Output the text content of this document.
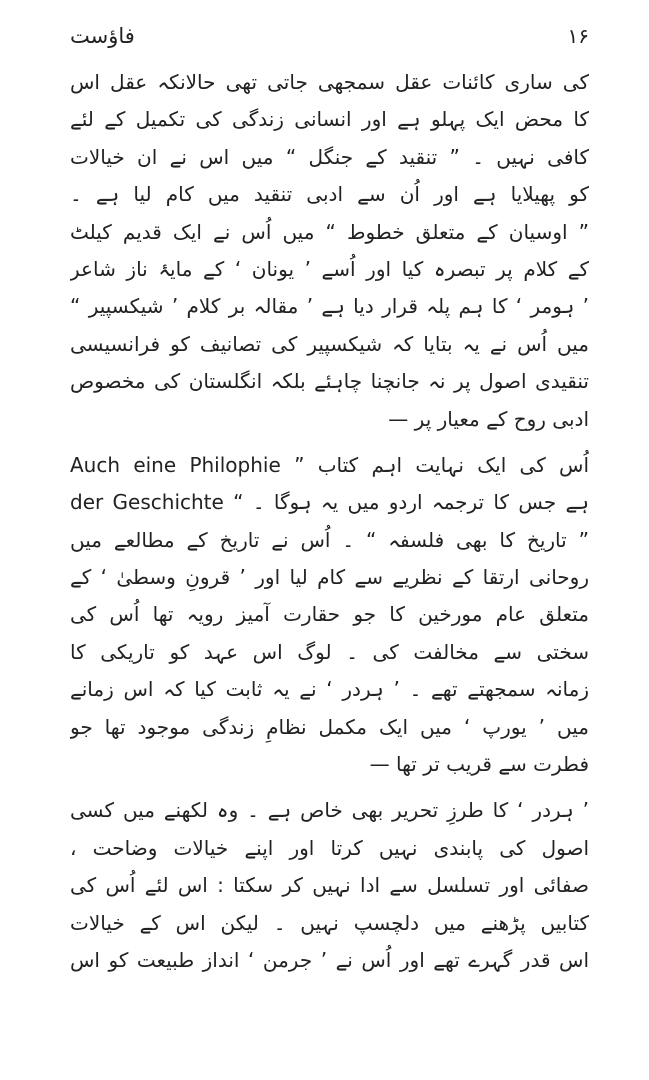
فاؤست	۱۶
کی ساری کائنات عقل سمجھی جاتی تھی حالانکہ عقل اس
کا محض ایک پہلو ہے اور انسانی زندگی کی تکمیل کے لئے
کافی نہیں ۔ ” تنقید کے جنگل “ میں اس نے ان خیالات
کو پھیلایا ہے اور اُن سے ادبی تنقید میں کام لیا ہے ۔
” اوسیان کے متعلق خطوط “ میں اُس نے ایک قدیم کیلٹ
کے کلام پر تبصرہ کیا اور اُسے ’ یونان ‘ کے مایۂ ناز شاعر
’ ہومر ‘ کا ہم پلہ قرار دیا ہے ’ مقالہ بر کلام ’ شیکسپیر “
میں اُس نے یہ بتایا کہ شیکسپیر کی تصانیف کو فرانسیسی
تنقیدی اصول پر نہ جانچنا چاہئے بلکہ انگلستان کی مخصوص
ادبی روح کے معیار پر —
اُس کی ایک نہایت اہم کتاب ” Auch eine Philophie
der Geschichte “ ہے جس کا ترجمہ اردو میں یہ ہوگا ۔
” تاریخ کا بھی فلسفہ “ ۔ اُس نے تاریخ کے مطالعے میں
روحانی ارتقا کے نظریے سے کام لیا اور ’ قرونِ وسطیٰ ‘ کے
متعلق عام مورخین کا جو حقارت آمیز رویہ تھا اُس کی
سختی سے مخالفت کی ۔ لوگ اس عہد کو تاریکی کا
زمانہ سمجھتے تھے ۔ ’ ہردر ‘ نے یہ ثابت کیا کہ اس زمانے
میں ’ یورپ ‘ میں ایک مکمل نظامِ زندگی موجود تھا جو
فطرت سے قریب تر تھا —
’ ہردر ‘ کا طرزِ تحریر بھی خاص ہے ۔ وہ لکھنے میں کسی
اصول کی پابندی نہیں کرتا اور اپنے خیالات وضاحت ،
صفائی اور تسلسل سے ادا نہیں کر سکتا : اس لئے اُس کی
کتابیں پڑھنے میں دلچسپ نہیں ۔ لیکن اس کے خیالات
اس قدر گہرے تھے اور اُس نے ’ جرمن ‘ انداز طبیعت کو اس
